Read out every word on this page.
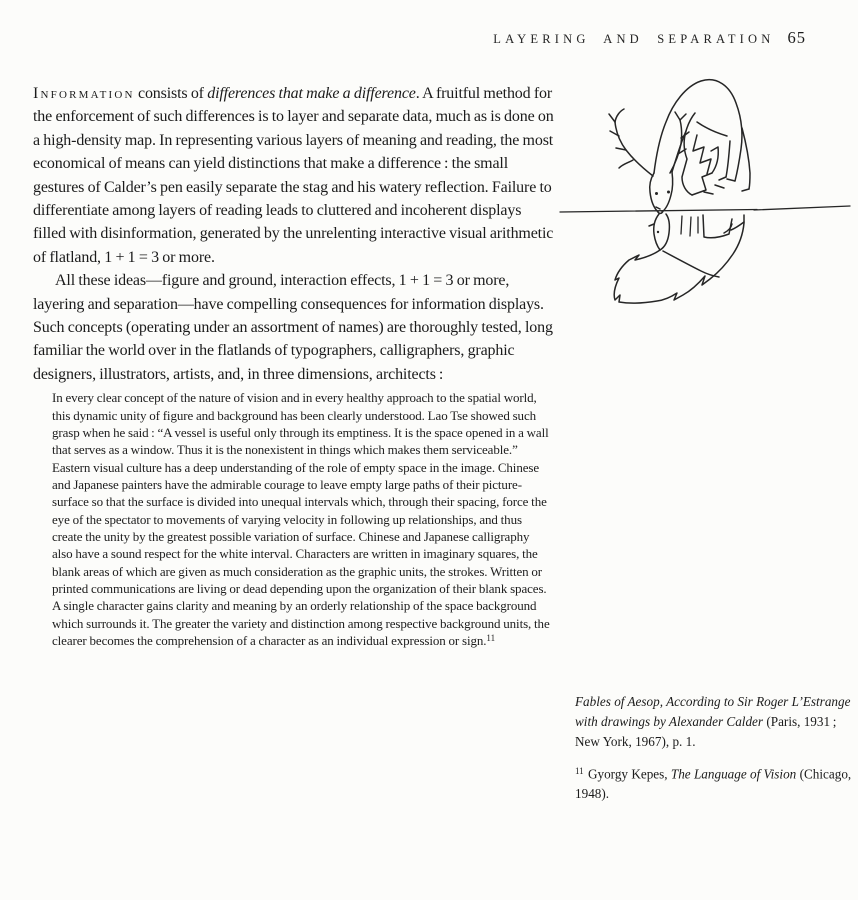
LAYERING AND SEPARATION 65

Information consists of differences that make a difference. A fruitful method for the enforcement of such differences is to layer and separate data, much as is done on a high-density map. In representing various layers of meaning and reading, the most economical of means can yield distinctions that make a difference : the small gestures of Calder’s pen easily separate the stag and his watery reflection. Failure to differentiate among layers of reading leads to cluttered and incoherent displays filled with disinformation, generated by the unrelenting interactive visual arithmetic of flatland, 1 + 1 = 3 or more.

All these ideas—figure and ground, interaction effects, 1 + 1 = 3 or more, layering and separation—have compelling consequences for information displays. Such concepts (operating under an assortment of names) are thoroughly tested, long familiar the world over in the flatlands of typographers, calligraphers, graphic designers, illustrators, artists, and, in three dimensions, architects :

In every clear concept of the nature of vision and in every healthy approach to the spatial world, this dynamic unity of figure and background has been clearly understood. Lao Tse showed such grasp when he said : “A vessel is useful only through its emptiness. It is the space opened in a wall that serves as a window. Thus it is the nonexistent in things which makes them serviceable.” Eastern visual culture has a deep understanding of the role of empty space in the image. Chinese and Japanese painters have the admirable courage to leave empty large paths of their picture-surface so that the surface is divided into unequal intervals which, through their spacing, force the eye of the spectator to movements of varying velocity in following up relationships, and thus create the unity by the greatest possible variation of surface. Chinese and Japanese calligraphy also have a sound respect for the white interval. Characters are written in imaginary squares, the blank areas of which are given as much consideration as the graphic units, the strokes. Written or printed communications are living or dead depending upon the organization of their blank spaces. A single character gains clarity and meaning by an orderly relationship of the space background which surrounds it. The greater the variety and distinction among respective background units, the clearer becomes the comprehension of a character as an individual expression or sign.$^{11}$
Fables of Aesop, According to Sir Roger L’Estrange with drawings by Alexander Calder (Paris, 1931 ; New York, 1967), p. 1.
$^{11}$ Gyorgy Kepes, The Language of Vision (Chicago, 1948).
